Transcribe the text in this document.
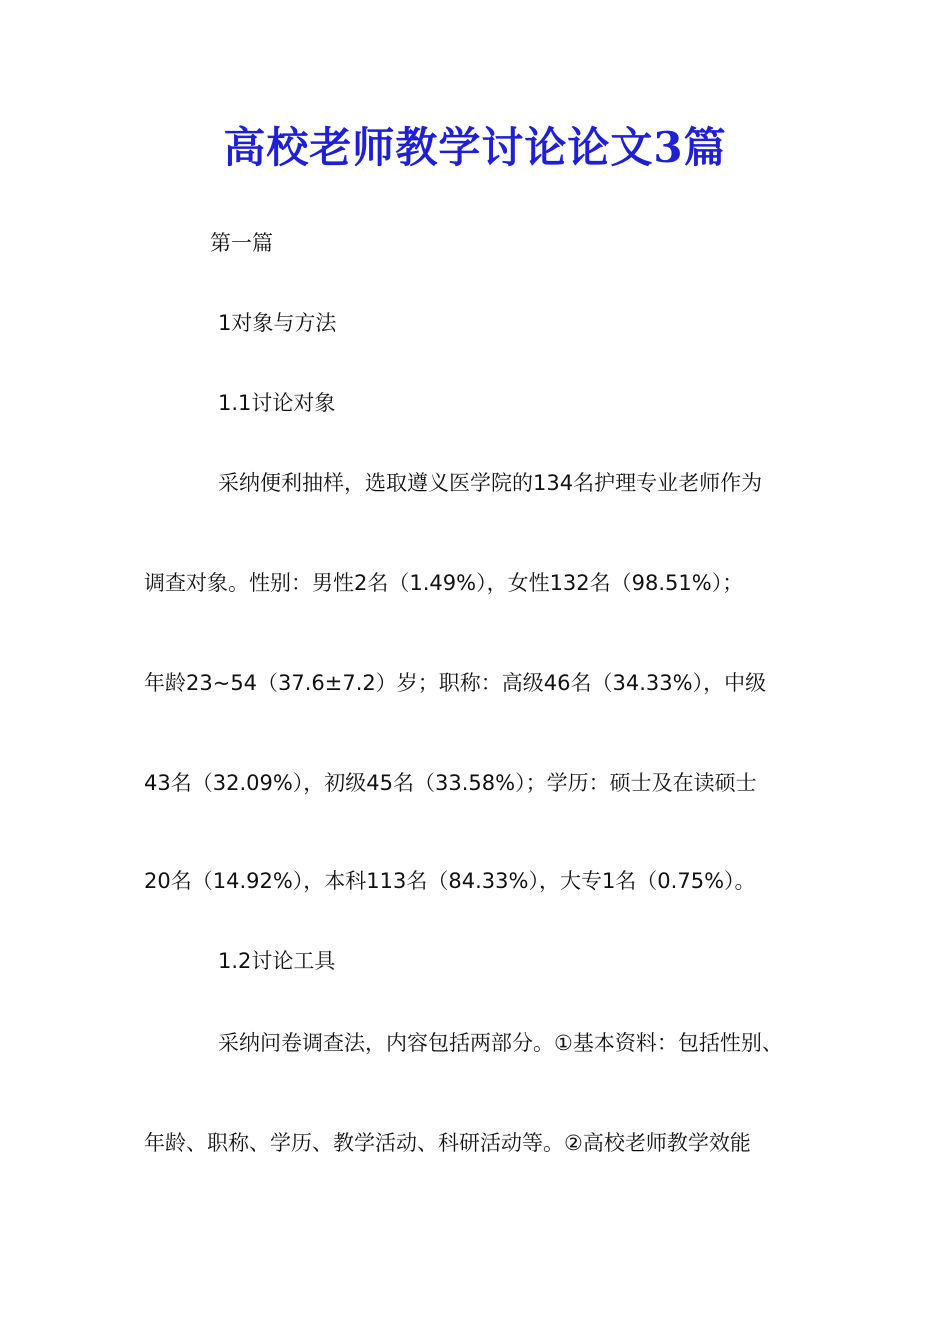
高校老师教学讨论论文3篇
第一篇
1对象与方法
1.1讨论对象
采纳便利抽样，选取遵义医学院的134名护理专业老师作为
调查对象。性别：男性2名（1.49%），女性132名（98.51%）；
年龄23~54（37.6±7.2）岁；职称：高级46名（34.33%），中级
43名（32.09%），初级45名（33.58%）；学历：硕士及在读硕士
20名（14.92%），本科113名（84.33%），大专1名（0.75%）。
1.2讨论工具
采纳问卷调查法，内容包括两部分。①基本资料：包括性别、
年龄、职称、学历、教学活动、科研活动等。②高校老师教学效能
